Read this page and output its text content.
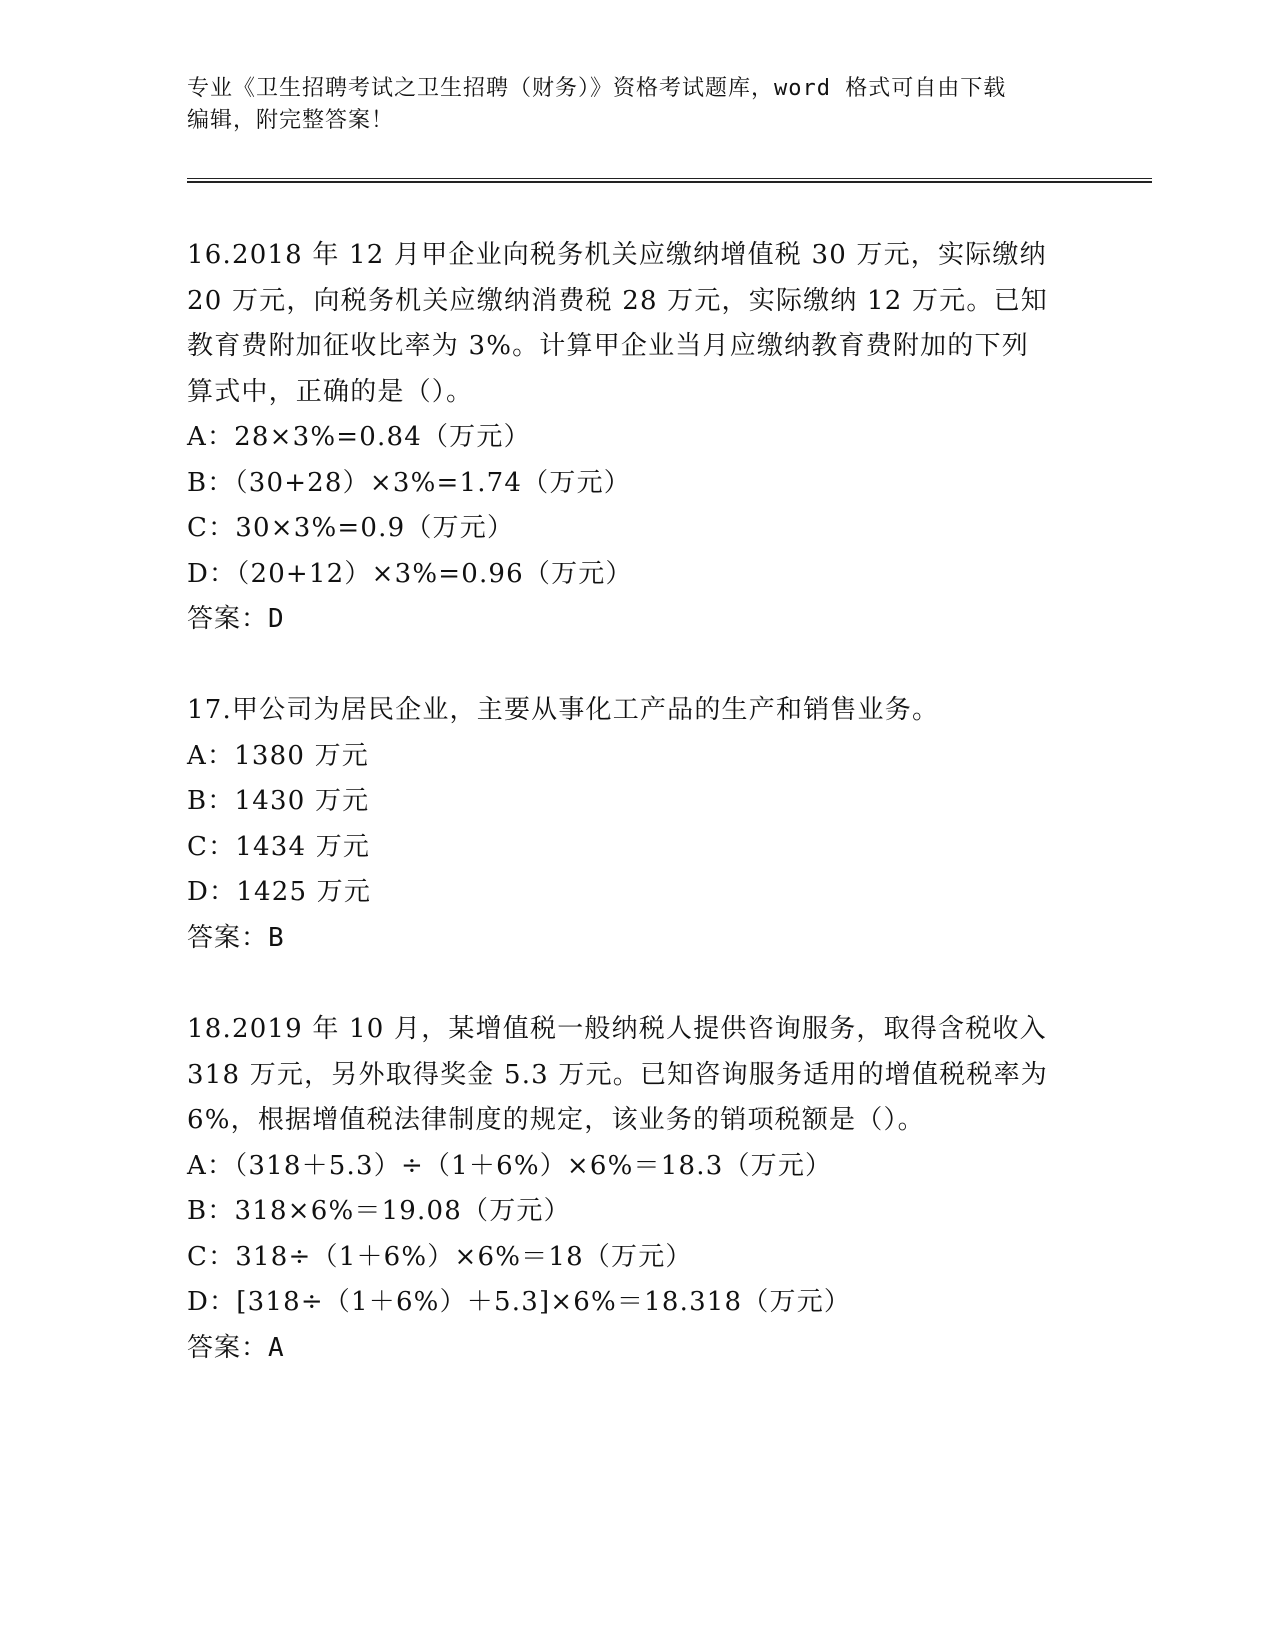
专业《卫生招聘考试之卫生招聘（财务）》资格考试题库，word 格式可自由下载
编辑，附完整答案！
16.2018 年 12 月甲企业向税务机关应缴纳增值税 30 万元，实际缴纳
20 万元，向税务机关应缴纳消费税 28 万元，实际缴纳 12 万元。已知
教育费附加征收比率为 3%。计算甲企业当月应缴纳教育费附加的下列
算式中，正确的是（）。
A：28×3%=0.84（万元）
B：（30+28）×3%=1.74（万元）
C：30×3%=0.9（万元）
D：（20+12）×3%=0.96（万元）
答案：D
17.甲公司为居民企业，主要从事化工产品的生产和销售业务。
A：1380 万元
B：1430 万元
C：1434 万元
D：1425 万元
答案：B
18.2019 年 10 月，某增值税一般纳税人提供咨询服务，取得含税收入
318 万元，另外取得奖金 5.3 万元。已知咨询服务适用的增值税税率为
6%，根据增值税法律制度的规定，该业务的销项税额是（）。
A：（318＋5.3）÷（1＋6%）×6%＝18.3（万元）
B：318×6%＝19.08（万元）
C：318÷（1＋6%）×6%＝18（万元）
D：[318÷（1＋6%）＋5.3]×6%＝18.318（万元）
答案：A
